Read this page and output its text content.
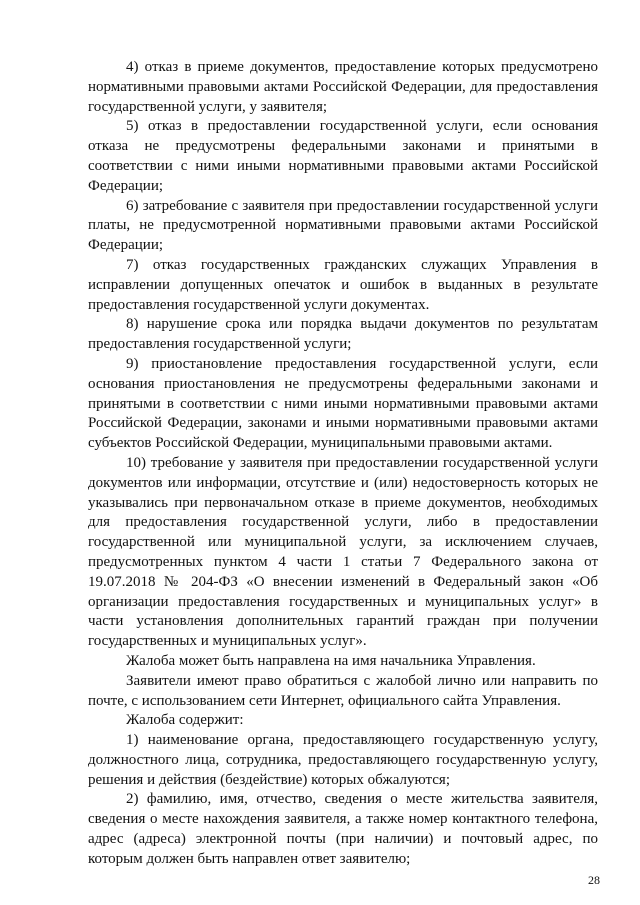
4) отказ в приеме документов, предоставление которых предусмотрено нормативными правовыми актами Российской Федерации, для предоставления государственной услуги, у заявителя;

5) отказ в предоставлении государственной услуги, если основания отказа не предусмотрены федеральными законами и принятыми в соответствии с ними иными нормативными правовыми актами Российской Федерации;

6) затребование с заявителя при предоставлении государственной услуги платы, не предусмотренной нормативными правовыми актами Российской Федерации;

7) отказ государственных гражданских служащих Управления в исправлении допущенных опечаток и ошибок в выданных в результате предоставления государственной услуги документах.

8) нарушение срока или порядка выдачи документов по результатам предоставления государственной услуги;

9) приостановление предоставления государственной услуги, если основания приостановления не предусмотрены федеральными законами и принятыми в соответствии с ними иными нормативными правовыми актами Российской Федерации, законами и иными нормативными правовыми актами субъектов Российской Федерации, муниципальными правовыми актами.

10) требование у заявителя при предоставлении государственной услуги документов или информации, отсутствие и (или) недостоверность которых не указывались при первоначальном отказе в приеме документов, необходимых для предоставления государственной услуги, либо в предоставлении государственной или муниципальной услуги, за исключением случаев, предусмотренных пунктом 4 части 1 статьи 7 Федерального закона от 19.07.2018 № 204-ФЗ «О внесении изменений в Федеральный закон «Об организации предоставления государственных и муниципальных услуг» в части установления дополнительных гарантий граждан при получении государственных и муниципальных услуг».

Жалоба может быть направлена на имя начальника Управления.

Заявители имеют право обратиться с жалобой лично или направить по почте, с использованием сети Интернет, официального сайта Управления.

Жалоба содержит:

1) наименование органа, предоставляющего государственную услугу, должностного лица, сотрудника, предоставляющего государственную услугу, решения и действия (бездействие) которых обжалуются;

2) фамилию, имя, отчество, сведения о месте жительства заявителя, сведения о месте нахождения заявителя, а также номер контактного телефона, адрес (адреса) электронной почты (при наличии) и почтовый адрес, по которым должен быть направлен ответ заявителю;

28
